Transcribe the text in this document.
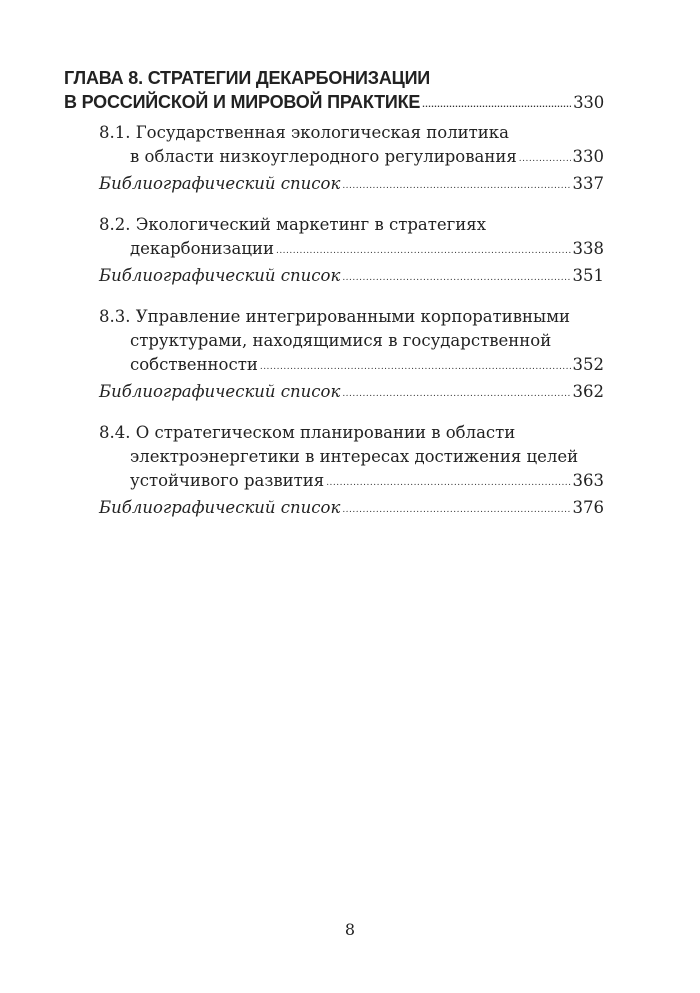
ГЛАВА 8. СТРАТЕГИИ ДЕКАРБОНИЗАЦИИ
В РОССИЙСКОЙ И МИРОВОЙ ПРАКТИКЕ .....	330
8.1. Государственная экологическая политика
в области низкоуглеродного регулирования .....	330
Библиографический список .....	337
8.2. Экологический маркетинг в стратегиях
декарбонизации .....	338
Библиографический список .....	351
8.3. Управление интегрированными корпоративными
структурами, находящимися в государственной
собственности .....	352
Библиографический список .....	362
8.4. О стратегическом планировании в области
электроэнергетики в интересах достижения целей
устойчивого развития .....	363
Библиографический список .....	376
8
